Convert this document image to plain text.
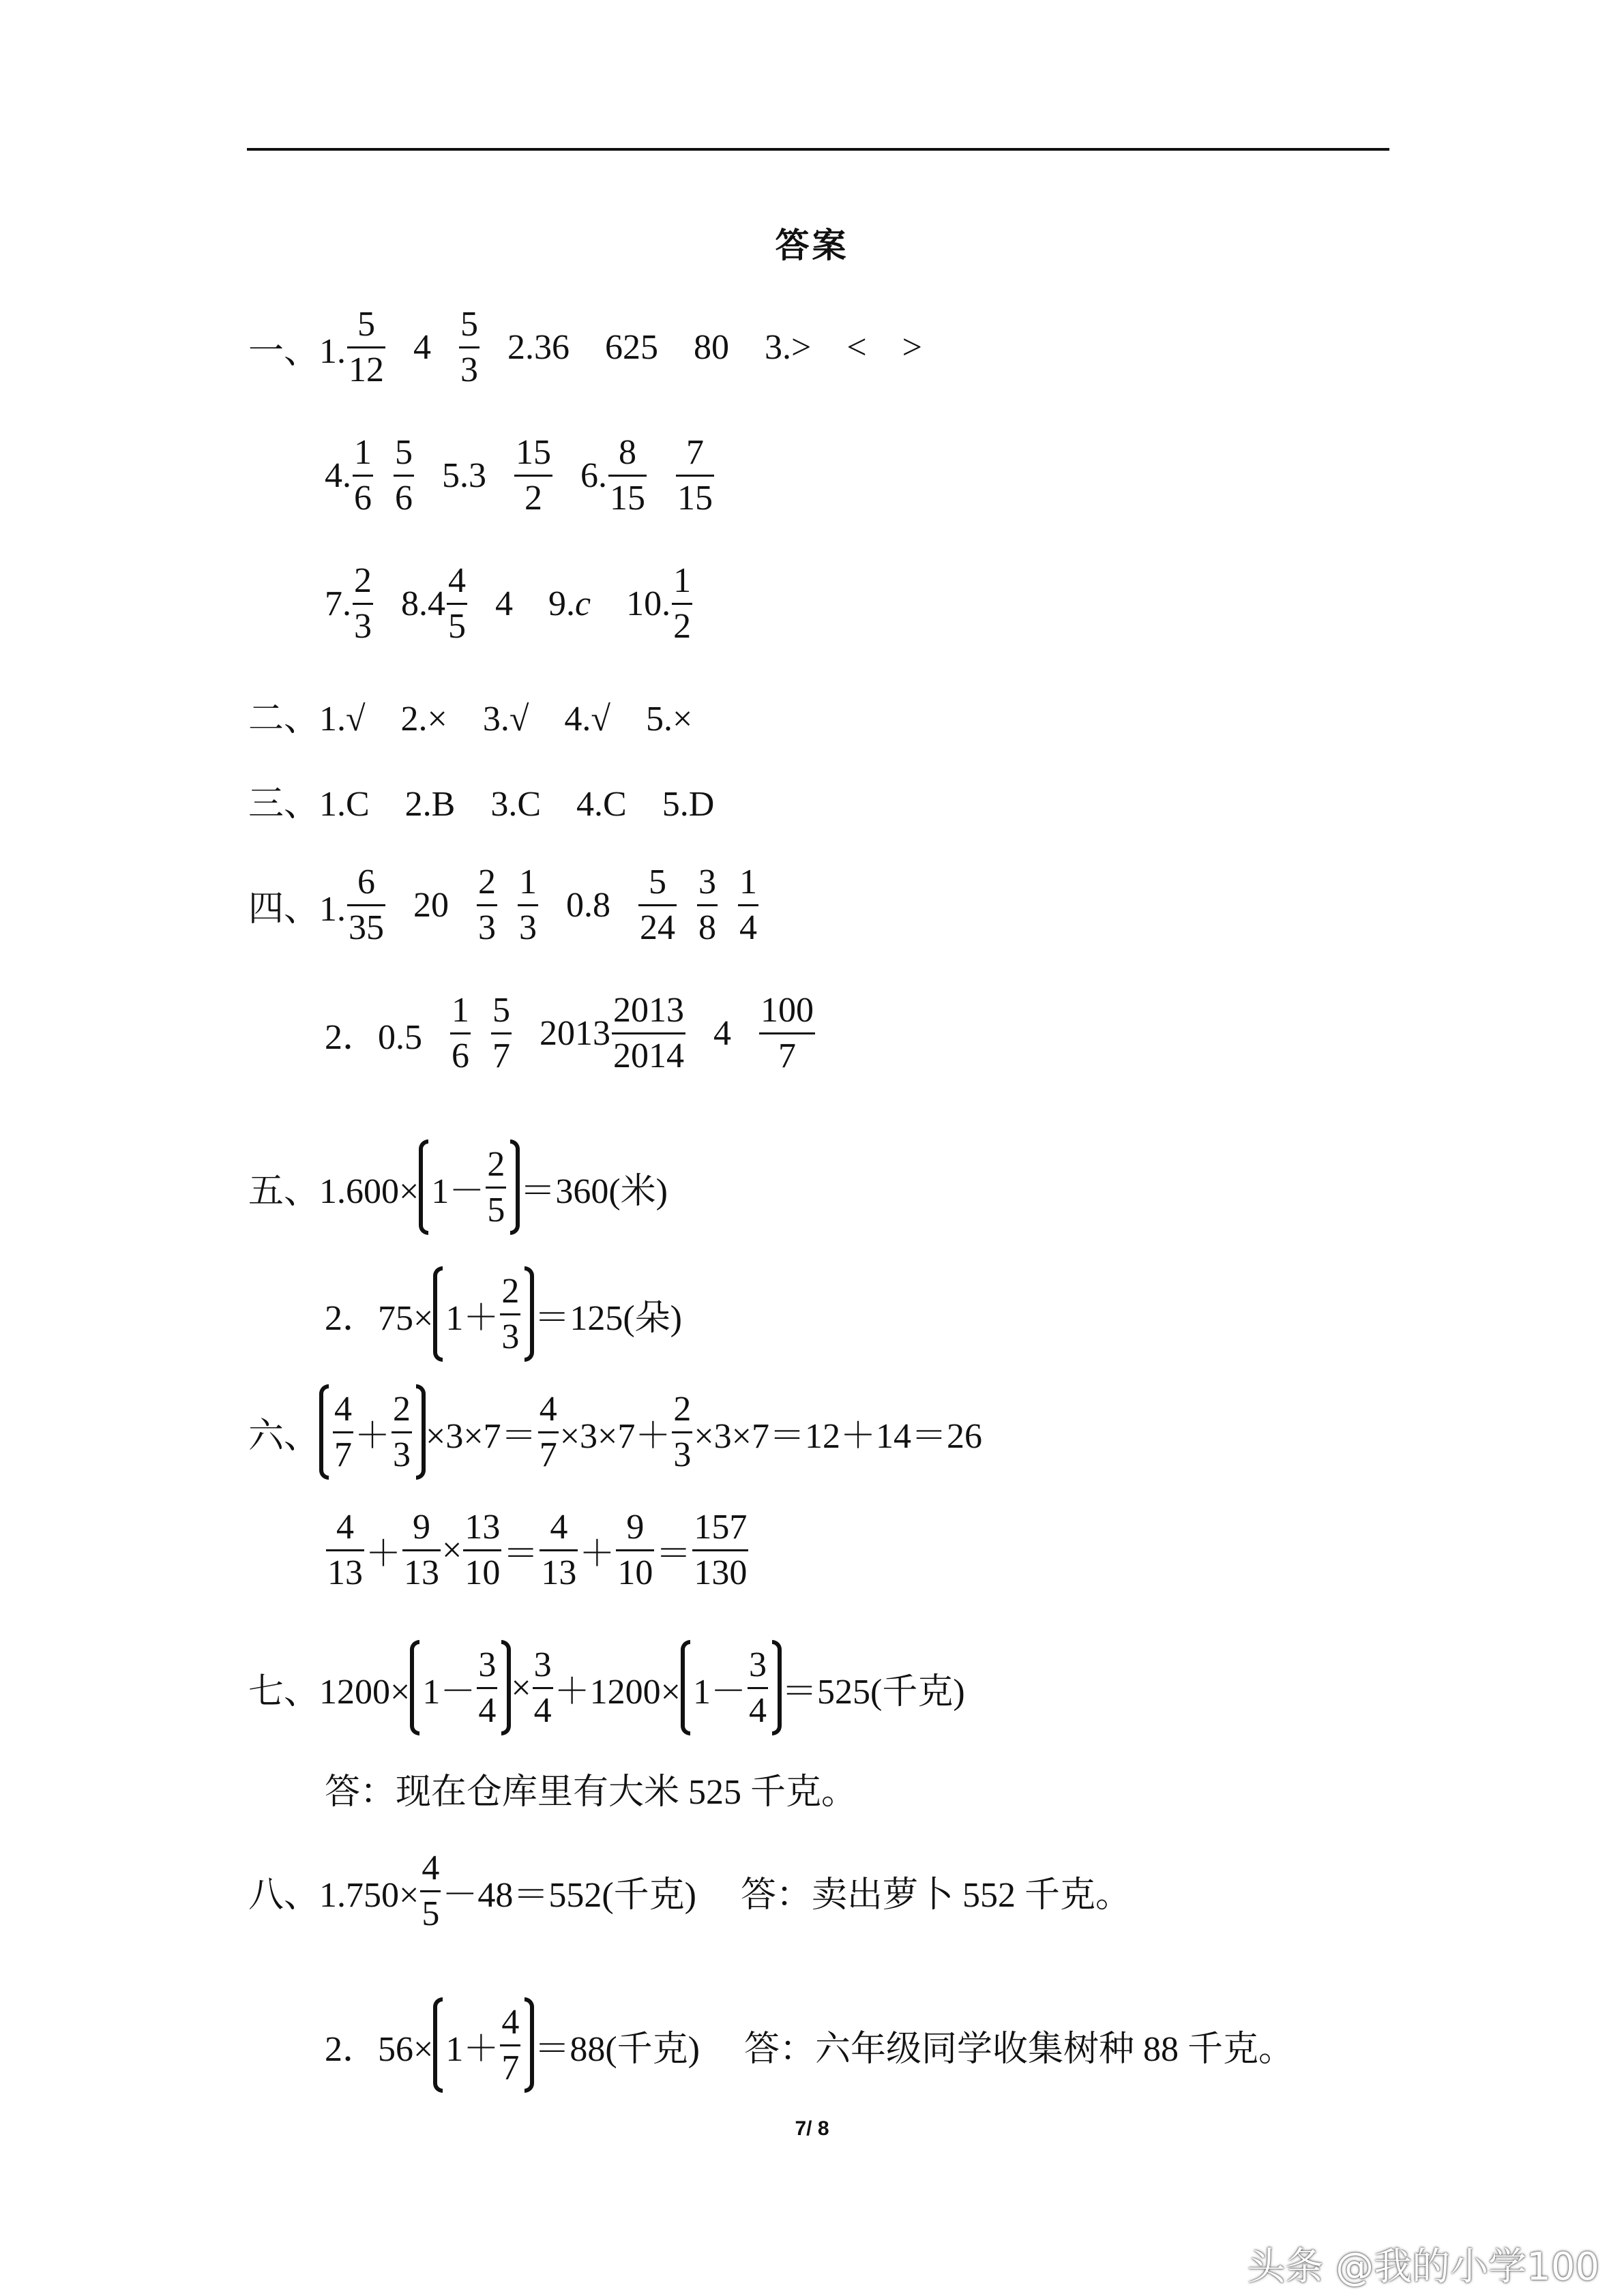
答案
一、1. $\frac{5}{12} 4 \frac{5}{3} 2.36$    625    80    3.>    <    >
4. $\frac{1}{6}$
$\frac{5}{6} 5.3 \frac{15}{2} 6$. $\frac{8}{15}$
$\frac{7}{15}$
7. $\frac{2}{3} 8.4 \frac{4}{5} 4$    9. c 10. $\frac{1}{2}$
二、1.√    2.×    3.√    4.√    5.×
三、1.C    2.B    3.C    4.C    5.D
四、1. $\frac{6}{35} 20 \frac{2}{3}$
$\frac{1}{3} 0.8 \frac{5}{24}$
$\frac{3}{8}$
$\frac{1}{4}$
2．$0.5 \frac{1}{6}$
$\frac{5}{7} 2013 \frac{2013}{2014} 4 \frac{100}{7}$
五、$1.600\times 1- \frac{2}{5} =360$(米)
2．$75\times 1+ \frac{2}{3} =125$(朵)
六、 $\frac{4}{7} + \frac{2}{3} \times 3\times 7= \frac{4}{7} \times 3\times 7+ \frac{2}{3} \times 3\times 7=12+14=26$
$\frac{4}{13} + \frac{9}{13} \times \frac{13}{10} = \frac{4}{13} + \frac{9}{10} = \frac{157}{130}$
七、$1200\times 1- \frac{3}{4} \times \frac{3}{4} +1200\times 1- \frac{3}{4} =525$(千克)
答：现在仓库里有大米 525 千克。
八、$1.750\times \frac{4}{5} -48=552$(千克)　 答：卖出萝卜 552 千克。
2．$56\times 1+ \frac{4}{7} =88$(千克)　 答：六年级同学收集树种 88 千克。
7/ 8
头条 @我的小学100
